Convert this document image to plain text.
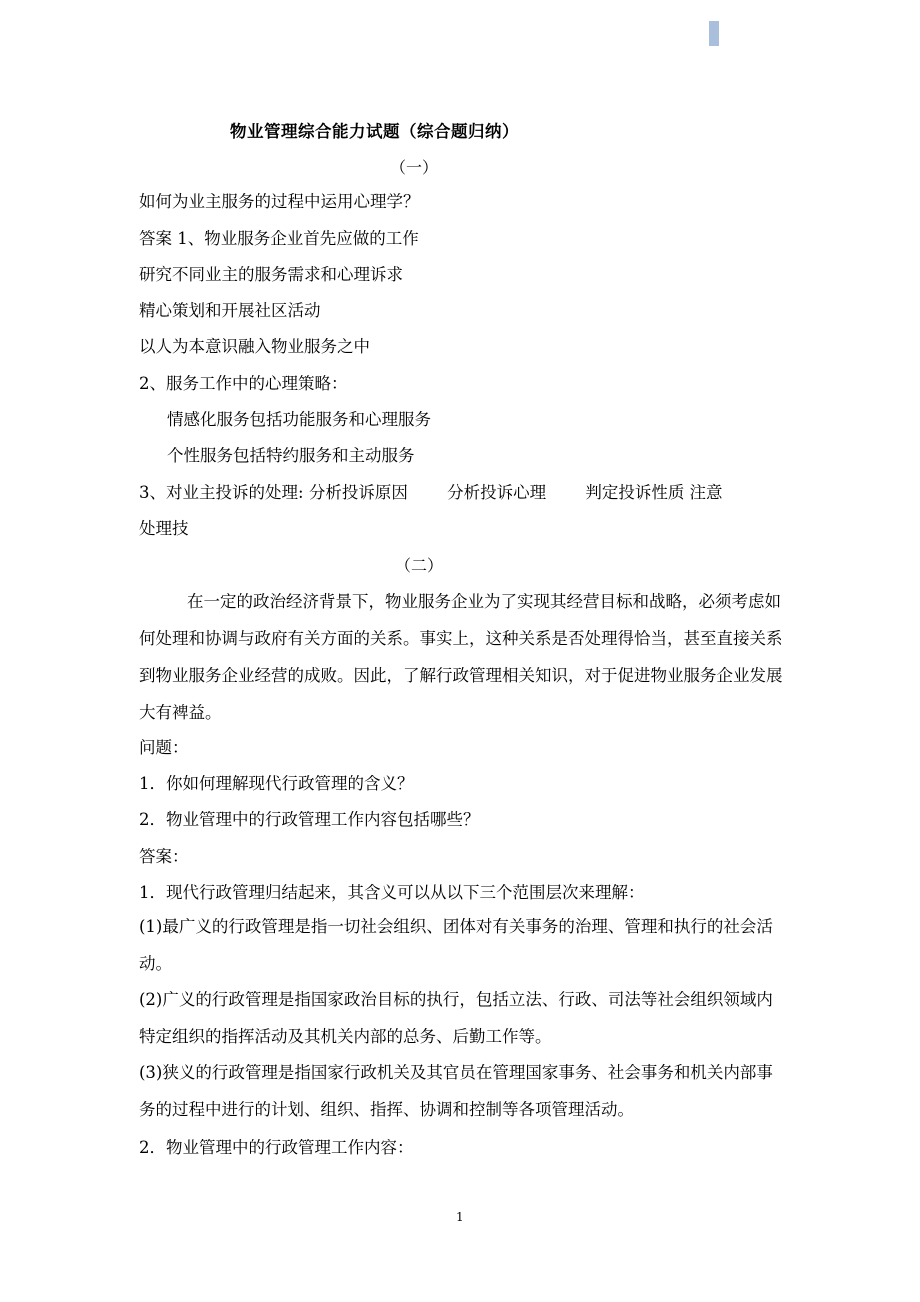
物业管理综合能力试题（综合题归纳）
（一）
如何为业主服务的过程中运用心理学？
答案 1、物业服务企业首先应做的工作
研究不同业主的服务需求和心理诉求
精心策划和开展社区活动
以人为本意识融入物业服务之中
2、服务工作中的心理策略：
情感化服务包括功能服务和心理服务
个性服务包括特约服务和主动服务
3、对业主投诉的处理: 分析投诉原因 分析投诉心理 判定投诉性质 注意
处理技
（二）
在一定的政治经济背景下，物业服务企业为了实现其经营目标和战略，必须考虑如何处理和协调与政府有关方面的关系。事实上，这种关系是否处理得恰当，甚至直接关系到物业服务企业经营的成败。因此，了解行政管理相关知识，对于促进物业服务企业发展大有裨益。
问题：
1．你如何理解现代行政管理的含义？
2．物业管理中的行政管理工作内容包括哪些？
答案：
1．现代行政管理归结起来，其含义可以从以下三个范围层次来理解：
(1)最广义的行政管理是指一切社会组织、团体对有关事务的治理、管理和执行的社会活动。
(2)广义的行政管理是指国家政治目标的执行，包括立法、行政、司法等社会组织领域内特定组织的指挥活动及其机关内部的总务、后勤工作等。
(3)狭义的行政管理是指国家行政机关及其官员在管理国家事务、社会事务和机关内部事务的过程中进行的计划、组织、指挥、协调和控制等各项管理活动。
2．物业管理中的行政管理工作内容：
1
